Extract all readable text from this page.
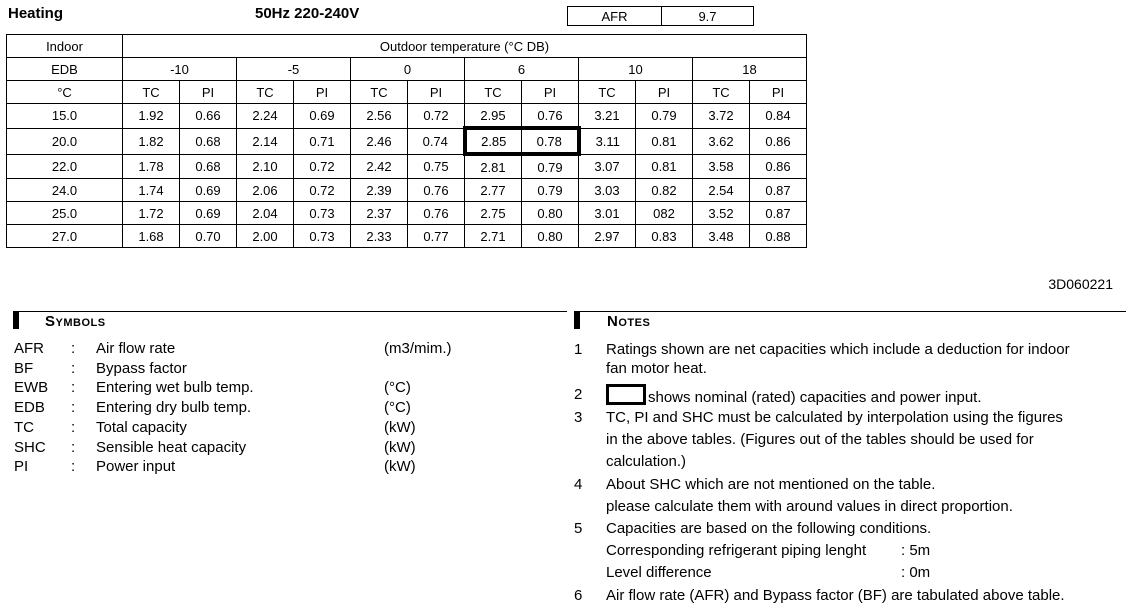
Heating	50Hz 220-240V	AFR	9.7
Indoor	Outdoor temperature (°C DB)											
EDB	-10		-5		0		6		10		18	
°C	TC	PI	TC	PI	TC	PI	TC	PI	TC	PI	TC	PI
15.0	1.92	0.66	2.24	0.69	2.56	0.72	2.95	0.76	3.21	0.79	3.72	0.84
20.0	1.82	0.68	2.14	0.71	2.46	0.74	2.85	0.78	3.11	0.81	3.62	0.86
22.0	1.78	0.68	2.10	0.72	2.42	0.75	2.81	0.79	3.07	0.81	3.58	0.86
24.0	1.74	0.69	2.06	0.72	2.39	0.76	2.77	0.79	3.03	0.82	2.54	0.87
25.0	1.72	0.69	2.04	0.73	2.37	0.76	2.75	0.80	3.01	082	3.52	0.87
27.0	1.68	0.70	2.00	0.73	2.33	0.77	2.71	0.80	2.97	0.83	3.48	0.88
3D060221
Symbols
AFR : Air flow rate	(m3/mim.)
BF	: Bypass factor
EWB : Entering wet bulb temp.	(°C)
EDB : Entering dry bulb temp.	(°C)
TC : Total capacity	(kW)
SHC : Sensible heat capacity	(kW)
PI	: Power input	(kW)
Notes
1 Ratings shown are net capacities which include a deduction for indoor
fan motor heat.
2	shows nominal (rated) capacities and power input.
3 TC, PI and SHC must be calculated by interpolation using the figures
in the above tables. (Figures out of the tables should be used for
calculation.)
4 About SHC which are not mentioned on the table.
please calculate them with around values in direct proportion.
5 Capacities are based on the following conditions.
Corresponding refrigerant piping lenght : 5m
Level difference	: 0m
6 Air flow rate (AFR) and Bypass factor (BF) are tabulated above table.
